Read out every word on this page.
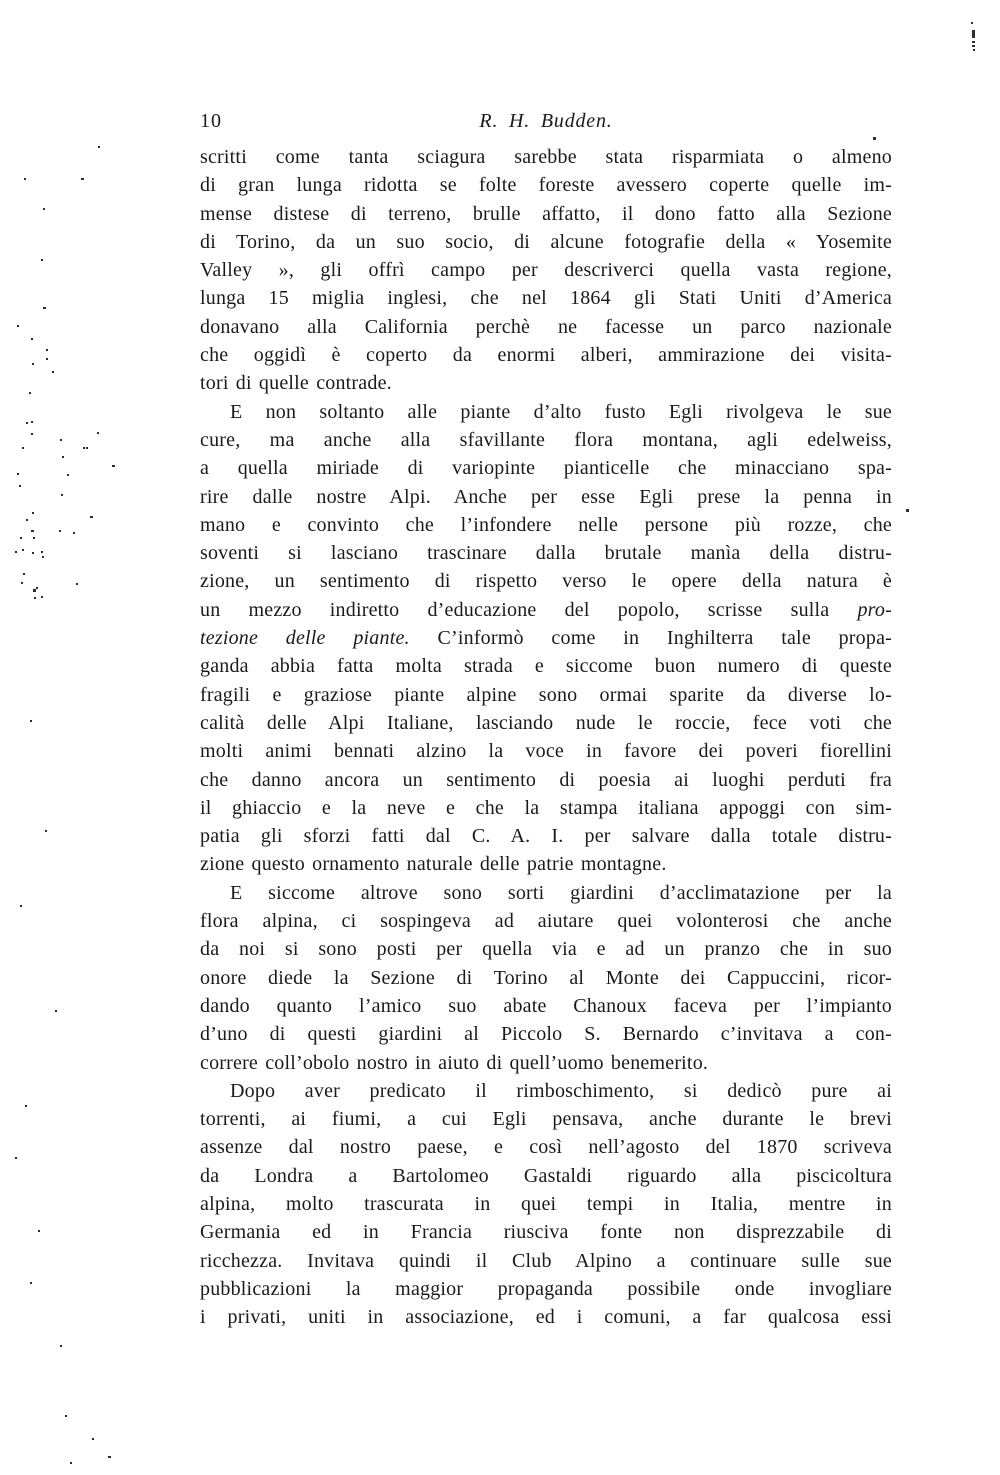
10	R. H. Budden.
scritti come tanta sciagura sarebbe stata risparmiata o almeno
di gran lunga ridotta se folte foreste avessero coperte quelle im-
mense distese di terreno, brulle affatto, il dono fatto alla Sezione
di Torino, da un suo socio, di alcune fotografie della « Yosemite
Valley », gli offrì campo per descriverci quella vasta regione,
lunga 15 miglia inglesi, che nel 1864 gli Stati Uniti d’America
donavano alla California perchè ne facesse un parco nazionale
che oggidì è coperto da enormi alberi, ammirazione dei visita-
tori di quelle contrade.
E non soltanto alle piante d’alto fusto Egli rivolgeva le sue
cure, ma anche alla sfavillante flora montana, agli edelweiss,
a quella miriade di variopinte pianticelle che minacciano spa-
rire dalle nostre Alpi. Anche per esse Egli prese la penna in
mano e convinto che l’infondere nelle persone più rozze, che
soventi si lasciano trascinare dalla brutale manìa della distru-
zione, un sentimento di rispetto verso le opere della natura è
un mezzo indiretto d’educazione del popolo, scrisse sulla pro-
tezione delle piante. C’informò come in Inghilterra tale propa-
ganda abbia fatta molta strada e siccome buon numero di queste
fragili e graziose piante alpine sono ormai sparite da diverse lo-
calità delle Alpi Italiane, lasciando nude le roccie, fece voti che
molti animi bennati alzino la voce in favore dei poveri fiorellini
che danno ancora un sentimento di poesia ai luoghi perduti fra
il ghiaccio e la neve e che la stampa italiana appoggi con sim-
patia gli sforzi fatti dal C. A. I. per salvare dalla totale distru-
zione questo ornamento naturale delle patrie montagne.
E siccome altrove sono sorti giardini d’acclimatazione per la
flora alpina, ci sospingeva ad aiutare quei volonterosi che anche
da noi si sono posti per quella via e ad un pranzo che in suo
onore diede la Sezione di Torino al Monte dei Cappuccini, ricor-
dando quanto l’amico suo abate Chanoux faceva per l’impianto
d’uno di questi giardini al Piccolo S. Bernardo c’invitava a con-
correre coll’obolo nostro in aiuto di quell’uomo benemerito.
Dopo aver predicato il rimboschimento, si dedicò pure ai
torrenti, ai fiumi, a cui Egli pensava, anche durante le brevi
assenze dal nostro paese, e così nell’agosto del 1870 scriveva
da Londra a Bartolomeo Gastaldi riguardo alla piscicoltura
alpina, molto trascurata in quei tempi in Italia, mentre in
Germania ed in Francia riusciva fonte non disprezzabile di
ricchezza. Invitava quindi il Club Alpino a continuare sulle sue
pubblicazioni la maggior propaganda possibile onde invogliare
i privati, uniti in associazione, ed i comuni, a far qualcosa essi
